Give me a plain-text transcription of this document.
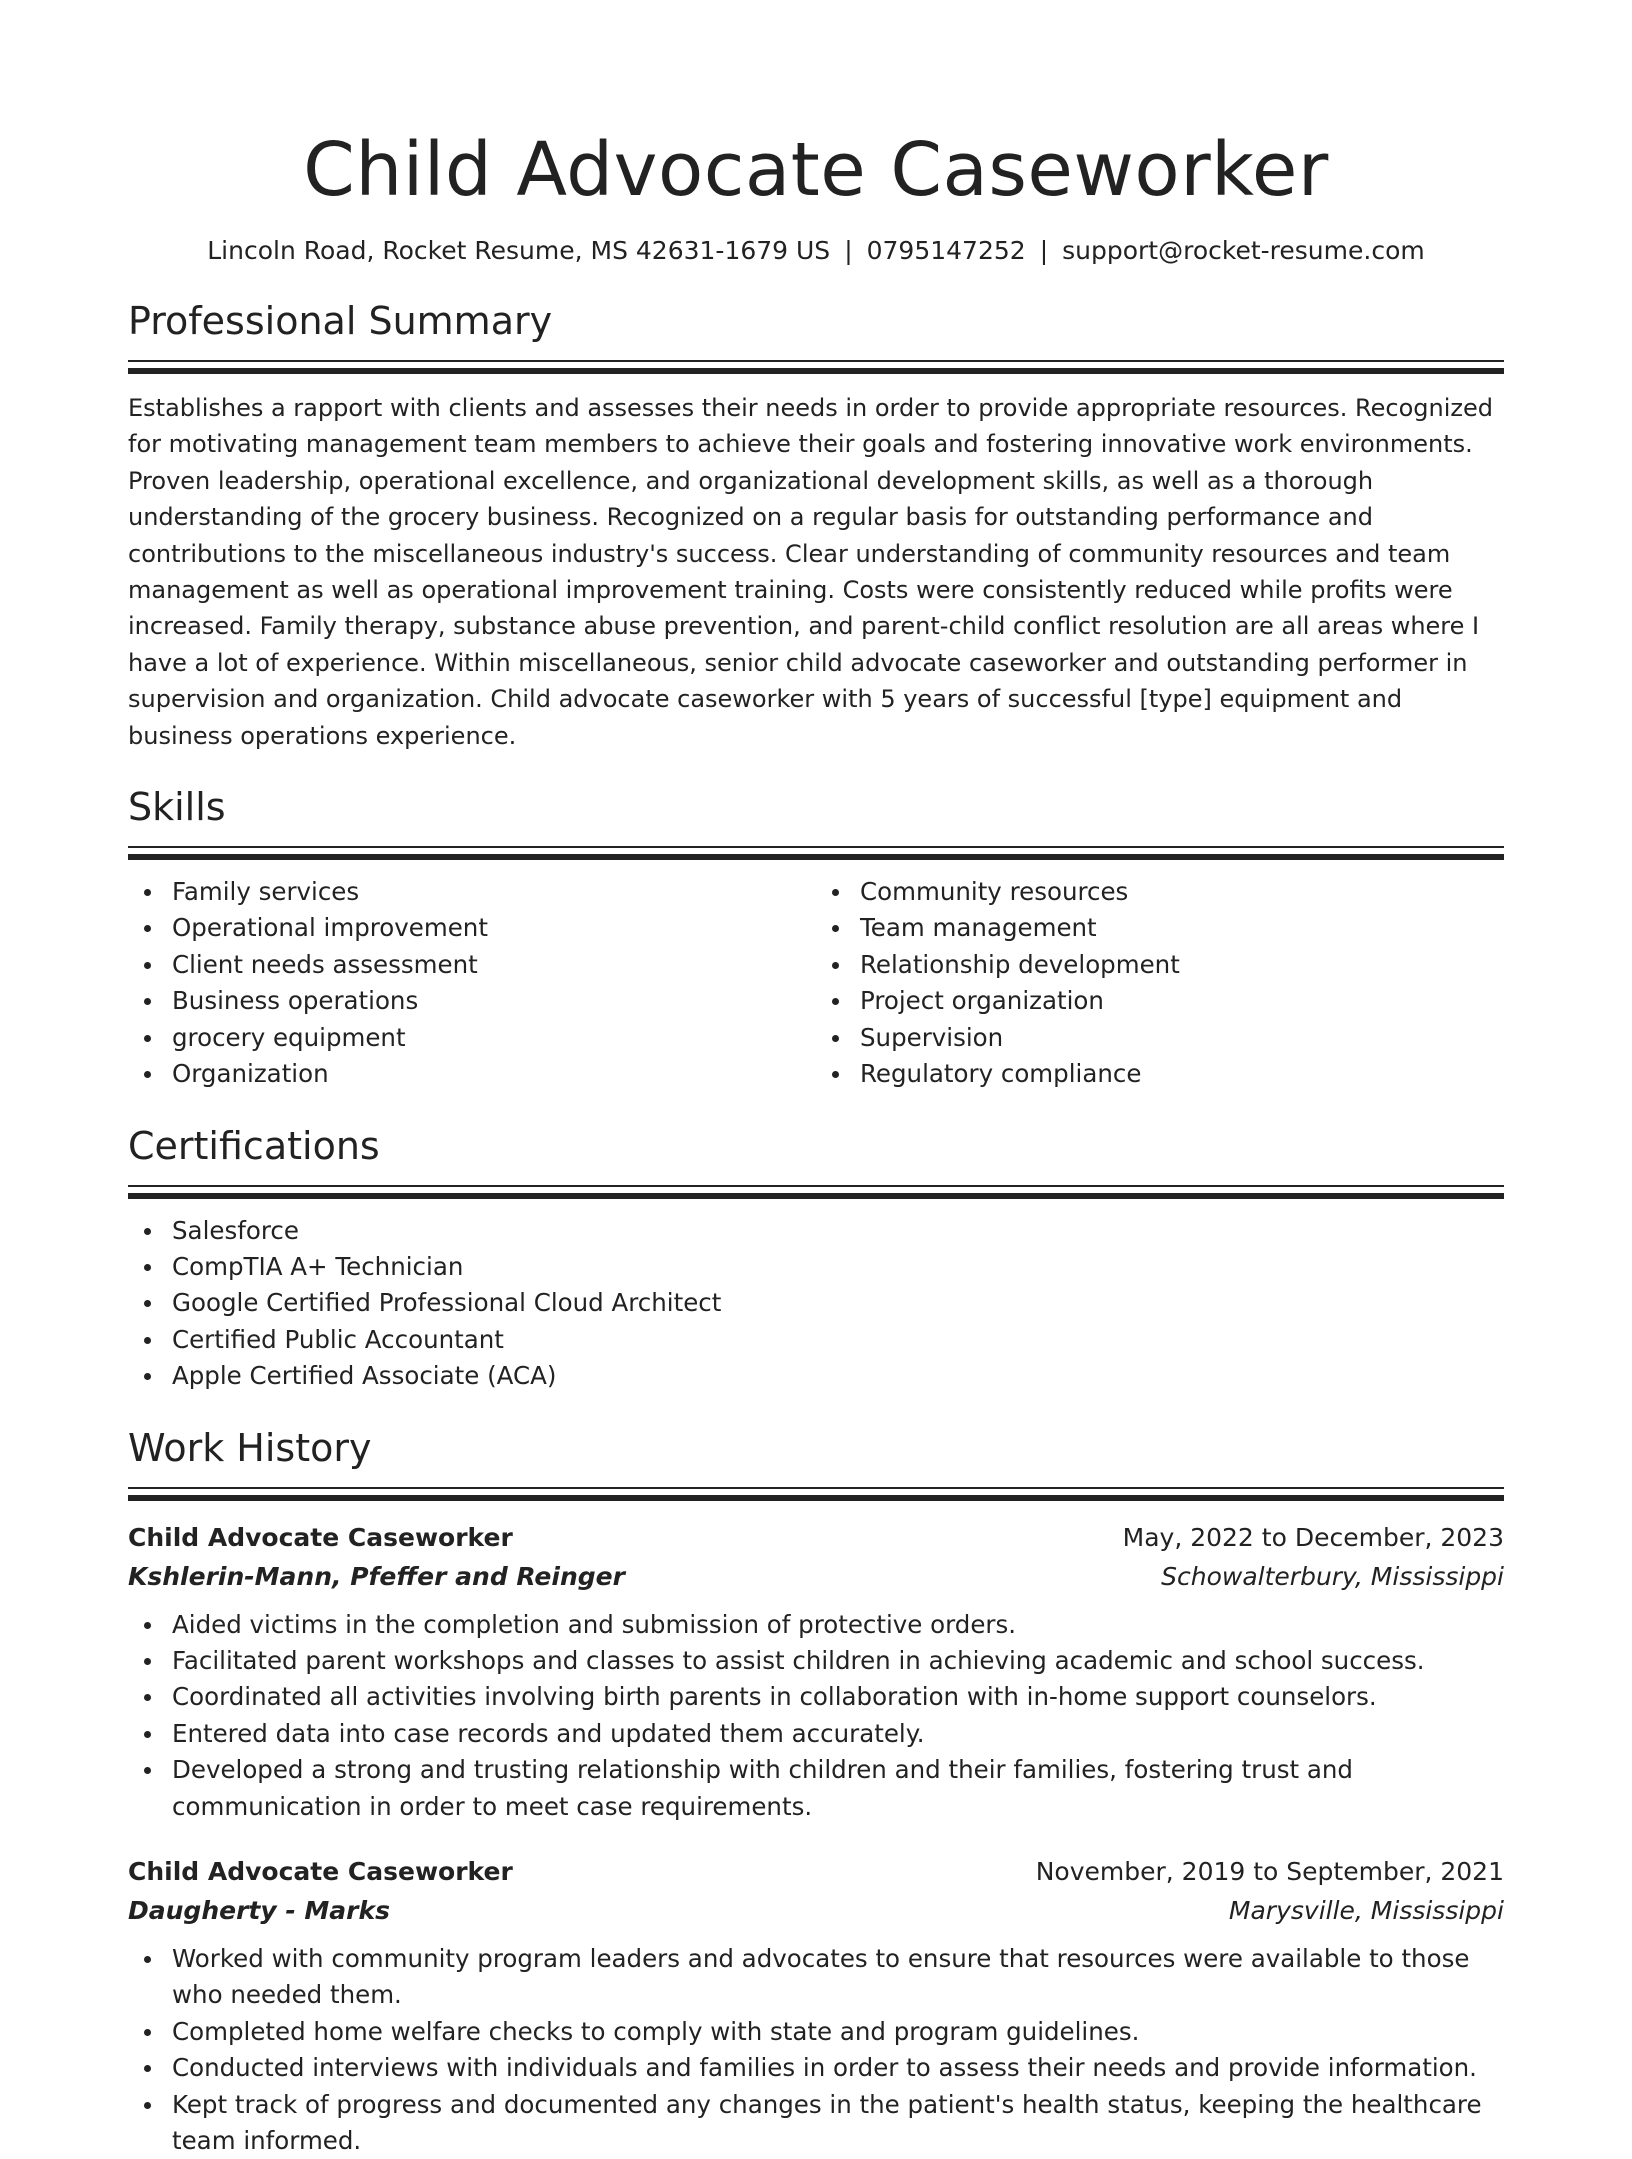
Child Advocate Caseworker
Lincoln Road, Rocket Resume, MS 42631-1679 US | 0795147252 | support@rocket-resume.com
Professional Summary

Establishes a rapport with clients and assesses their needs in order to provide appropriate resources. Recognized for motivating management team members to achieve their goals and fostering innovative work environments. Proven leadership, operational excellence, and organizational development skills, as well as a thorough understanding of the grocery business. Recognized on a regular basis for outstanding performance and contributions to the miscellaneous industry's success. Clear understanding of community resources and team management as well as operational improvement training. Costs were consistently reduced while profits were increased. Family therapy, substance abuse prevention, and parent-child conflict resolution are all areas where I have a lot of experience. Within miscellaneous, senior child advocate caseworker and outstanding performer in supervision and organization. Child advocate caseworker with 5 years of successful [type] equipment and business operations experience.

Skills
Family services
Operational improvement
Client needs assessment
Business operations
grocery equipment
Organization
Community resources
Team management
Relationship development
Project organization
Supervision
Regulatory compliance
Certifications
Salesforce
CompTIA A+ Technician
Google Certified Professional Cloud Architect
Certified Public Accountant
Apple Certified Associate (ACA)
Work History
Child Advocate Caseworker	May, 2022 to December, 2023
Kshlerin-Mann, Pfeffer and Reinger	Schowalterbury, Mississippi
Aided victims in the completion and submission of protective orders.
Facilitated parent workshops and classes to assist children in achieving academic and school success.
Coordinated all activities involving birth parents in collaboration with in-home support counselors.
Entered data into case records and updated them accurately.
Developed a strong and trusting relationship with children and their families, fostering trust and communication in order to meet case requirements.
Child Advocate Caseworker	November, 2019 to September, 2021
Daugherty - Marks	Marysville, Mississippi
Worked with community program leaders and advocates to ensure that resources were available to those who needed them.
Completed home welfare checks to comply with state and program guidelines.
Conducted interviews with individuals and families in order to assess their needs and provide information.
Kept track of progress and documented any changes in the patient's health status, keeping the healthcare team informed.
